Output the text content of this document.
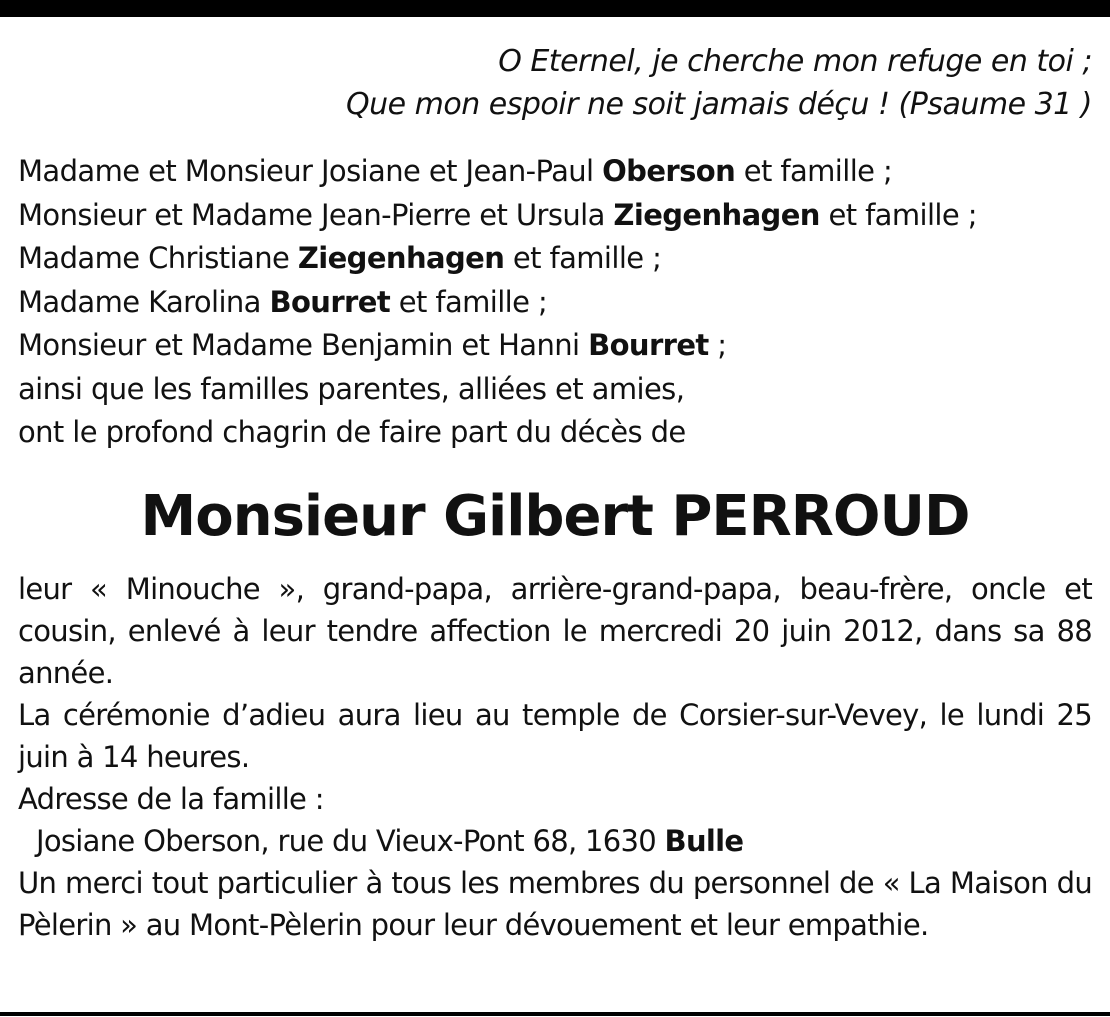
O Eternel, je cherche mon refuge en toi ;
Que mon espoir ne soit jamais déçu ! (Psaume 31 )
Madame et Monsieur Josiane et Jean-Paul Oberson et famille ;
Monsieur et Madame Jean-Pierre et Ursula Ziegenhagen et famille ;
Madame Christiane Ziegenhagen et famille ;
Madame Karolina Bourret et famille ;
Monsieur et Madame Benjamin et Hanni Bourret ;
ainsi que les familles parentes, alliées et amies,
ont le profond chagrin de faire part du décès de
Monsieur Gilbert PERROUD
leur « Minouche », grand-papa, arrière-grand-papa, beau-frère, oncle et cousin, enlevé à leur tendre affection le mercredi 20 juin 2012, dans sa 88 année.
La cérémonie d’adieu aura lieu au temple de Corsier-sur-Vevey, le lundi 25 juin à 14 heures.
Adresse de la famille :
Josiane Oberson, rue du Vieux-Pont 68, 1630 Bulle
Un merci tout particulier à tous les membres du personnel de « La Maison du Pèlerin » au Mont-Pèlerin pour leur dévouement et leur empathie.
